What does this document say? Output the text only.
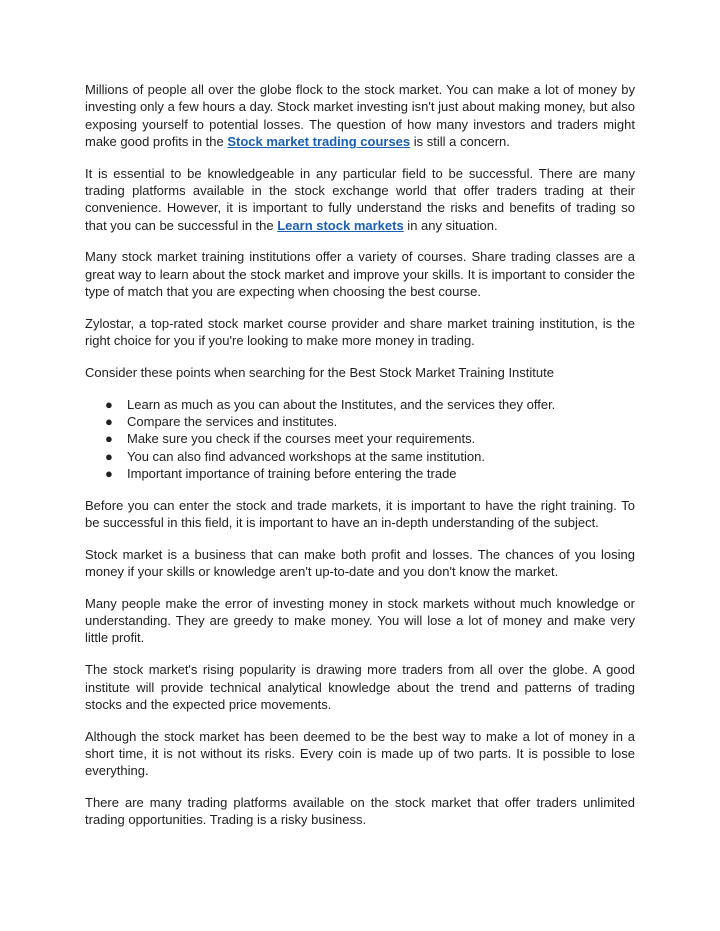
Millions of people all over the globe flock to the stock market. You can make a lot of money by investing only a few hours a day. Stock market investing isn't just about making money, but also exposing yourself to potential losses. The question of how many investors and traders might make good profits in the Stock market trading courses is still a concern.

It is essential to be knowledgeable in any particular field to be successful. There are many trading platforms available in the stock exchange world that offer traders trading at their convenience. However, it is important to fully understand the risks and benefits of trading so that you can be successful in the Learn stock markets in any situation.

Many stock market training institutions offer a variety of courses. Share trading classes are a great way to learn about the stock market and improve your skills. It is important to consider the type of match that you are expecting when choosing the best course.

Zylostar, a top-rated stock market course provider and share market training institution, is the right choice for you if you're looking to make more money in trading.

Consider these points when searching for the Best Stock Market Training Institute

● Learn as much as you can about the Institutes, and the services they offer.
● Compare the services and institutes.
● Make sure you check if the courses meet your requirements.
● You can also find advanced workshops at the same institution.
● Important importance of training before entering the trade

Before you can enter the stock and trade markets, it is important to have the right training. To be successful in this field, it is important to have an in-depth understanding of the subject.

Stock market is a business that can make both profit and losses. The chances of you losing money if your skills or knowledge aren't up-to-date and you don't know the market.

Many people make the error of investing money in stock markets without much knowledge or understanding. They are greedy to make money. You will lose a lot of money and make very little profit.

The stock market's rising popularity is drawing more traders from all over the globe. A good institute will provide technical analytical knowledge about the trend and patterns of trading stocks and the expected price movements.

Although the stock market has been deemed to be the best way to make a lot of money in a short time, it is not without its risks. Every coin is made up of two parts. It is possible to lose everything.

There are many trading platforms available on the stock market that offer traders unlimited trading opportunities. Trading is a risky business.
